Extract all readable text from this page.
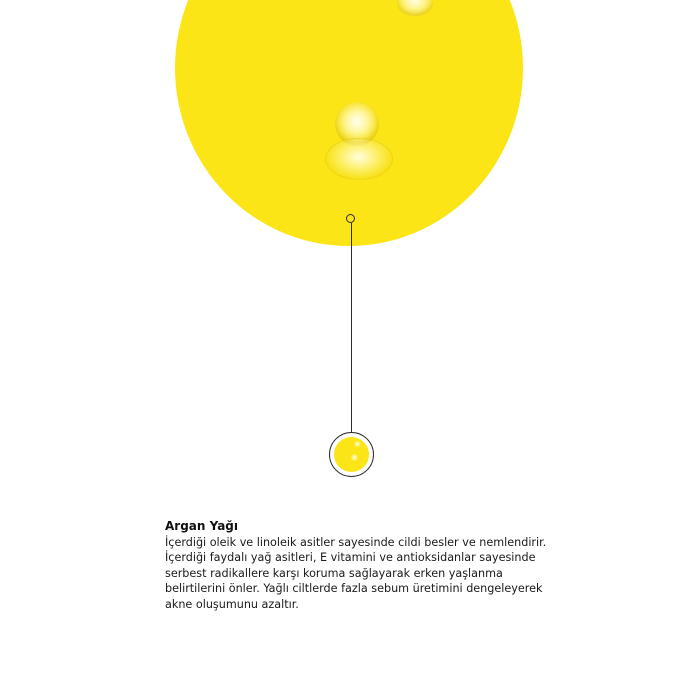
Argan Yağı

İçerdiği oleik ve linoleik asitler sayesinde cildi besler ve nemlendirir. İçerdiği faydalı yağ asitleri, E vitamini ve antioksidanlar sayesinde serbest radikallere karşı koruma sağlayarak erken yaşlanma belirtilerini önler. Yağlı ciltlerde fazla sebum üretimini dengeleyerek akne oluşumunu azaltır.
